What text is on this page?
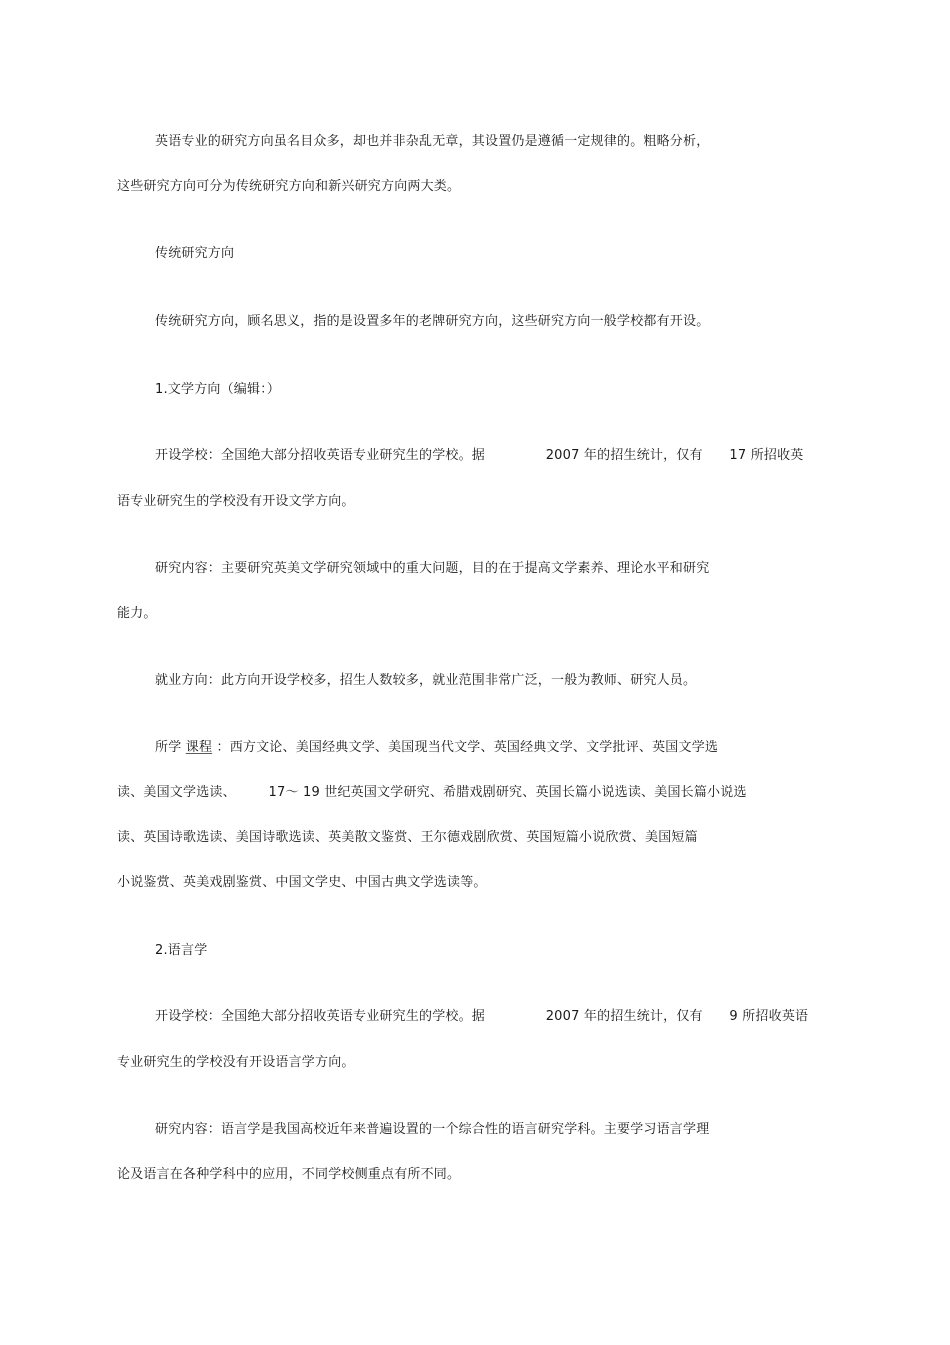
英语专业的研究方向虽名目众多，却也并非杂乱无章，其设置仍是遵循一定规律的。粗略分析，
这些研究方向可分为传统研究方向和新兴研究方向两大类。
传统研究方向
传统研究方向，顾名思义，指的是设置多年的老牌研究方向，这些研究方向一般学校都有开设。
1.文学方向（编辑：）
开设学校：全国绝大部分招收英语专业研究生的学校。据	2007 年的招生统计，仅有 17 所招收英
语专业研究生的学校没有开设文学方向。
研究内容：主要研究英美文学研究领域中的重大问题，目的在于提高文学素养、理论水平和研究
能力。
就业方向：此方向开设学校多，招生人数较多，就业范围非常广泛，一般为教师、研究人员。
所学 课程 ：西方文论、美国经典文学、美国现当代文学、英国经典文学、文学批评、英国文学选
读、美国文学选读、	17～ 19 世纪英国文学研究、希腊戏剧研究、英国长篇小说选读、美国长篇小说选
读、英国诗歌选读、美国诗歌选读、英美散文鉴赏、王尔德戏剧欣赏、英国短篇小说欣赏、美国短篇
小说鉴赏、英美戏剧鉴赏、中国文学史、中国古典文学选读等。
2.语言学
开设学校：全国绝大部分招收英语专业研究生的学校。据	2007 年的招生统计，仅有 9 所招收英语
专业研究生的学校没有开设语言学方向。
研究内容：语言学是我国高校近年来普遍设置的一个综合性的语言研究学科。主要学习语言学理
论及语言在各种学科中的应用，不同学校侧重点有所不同。
